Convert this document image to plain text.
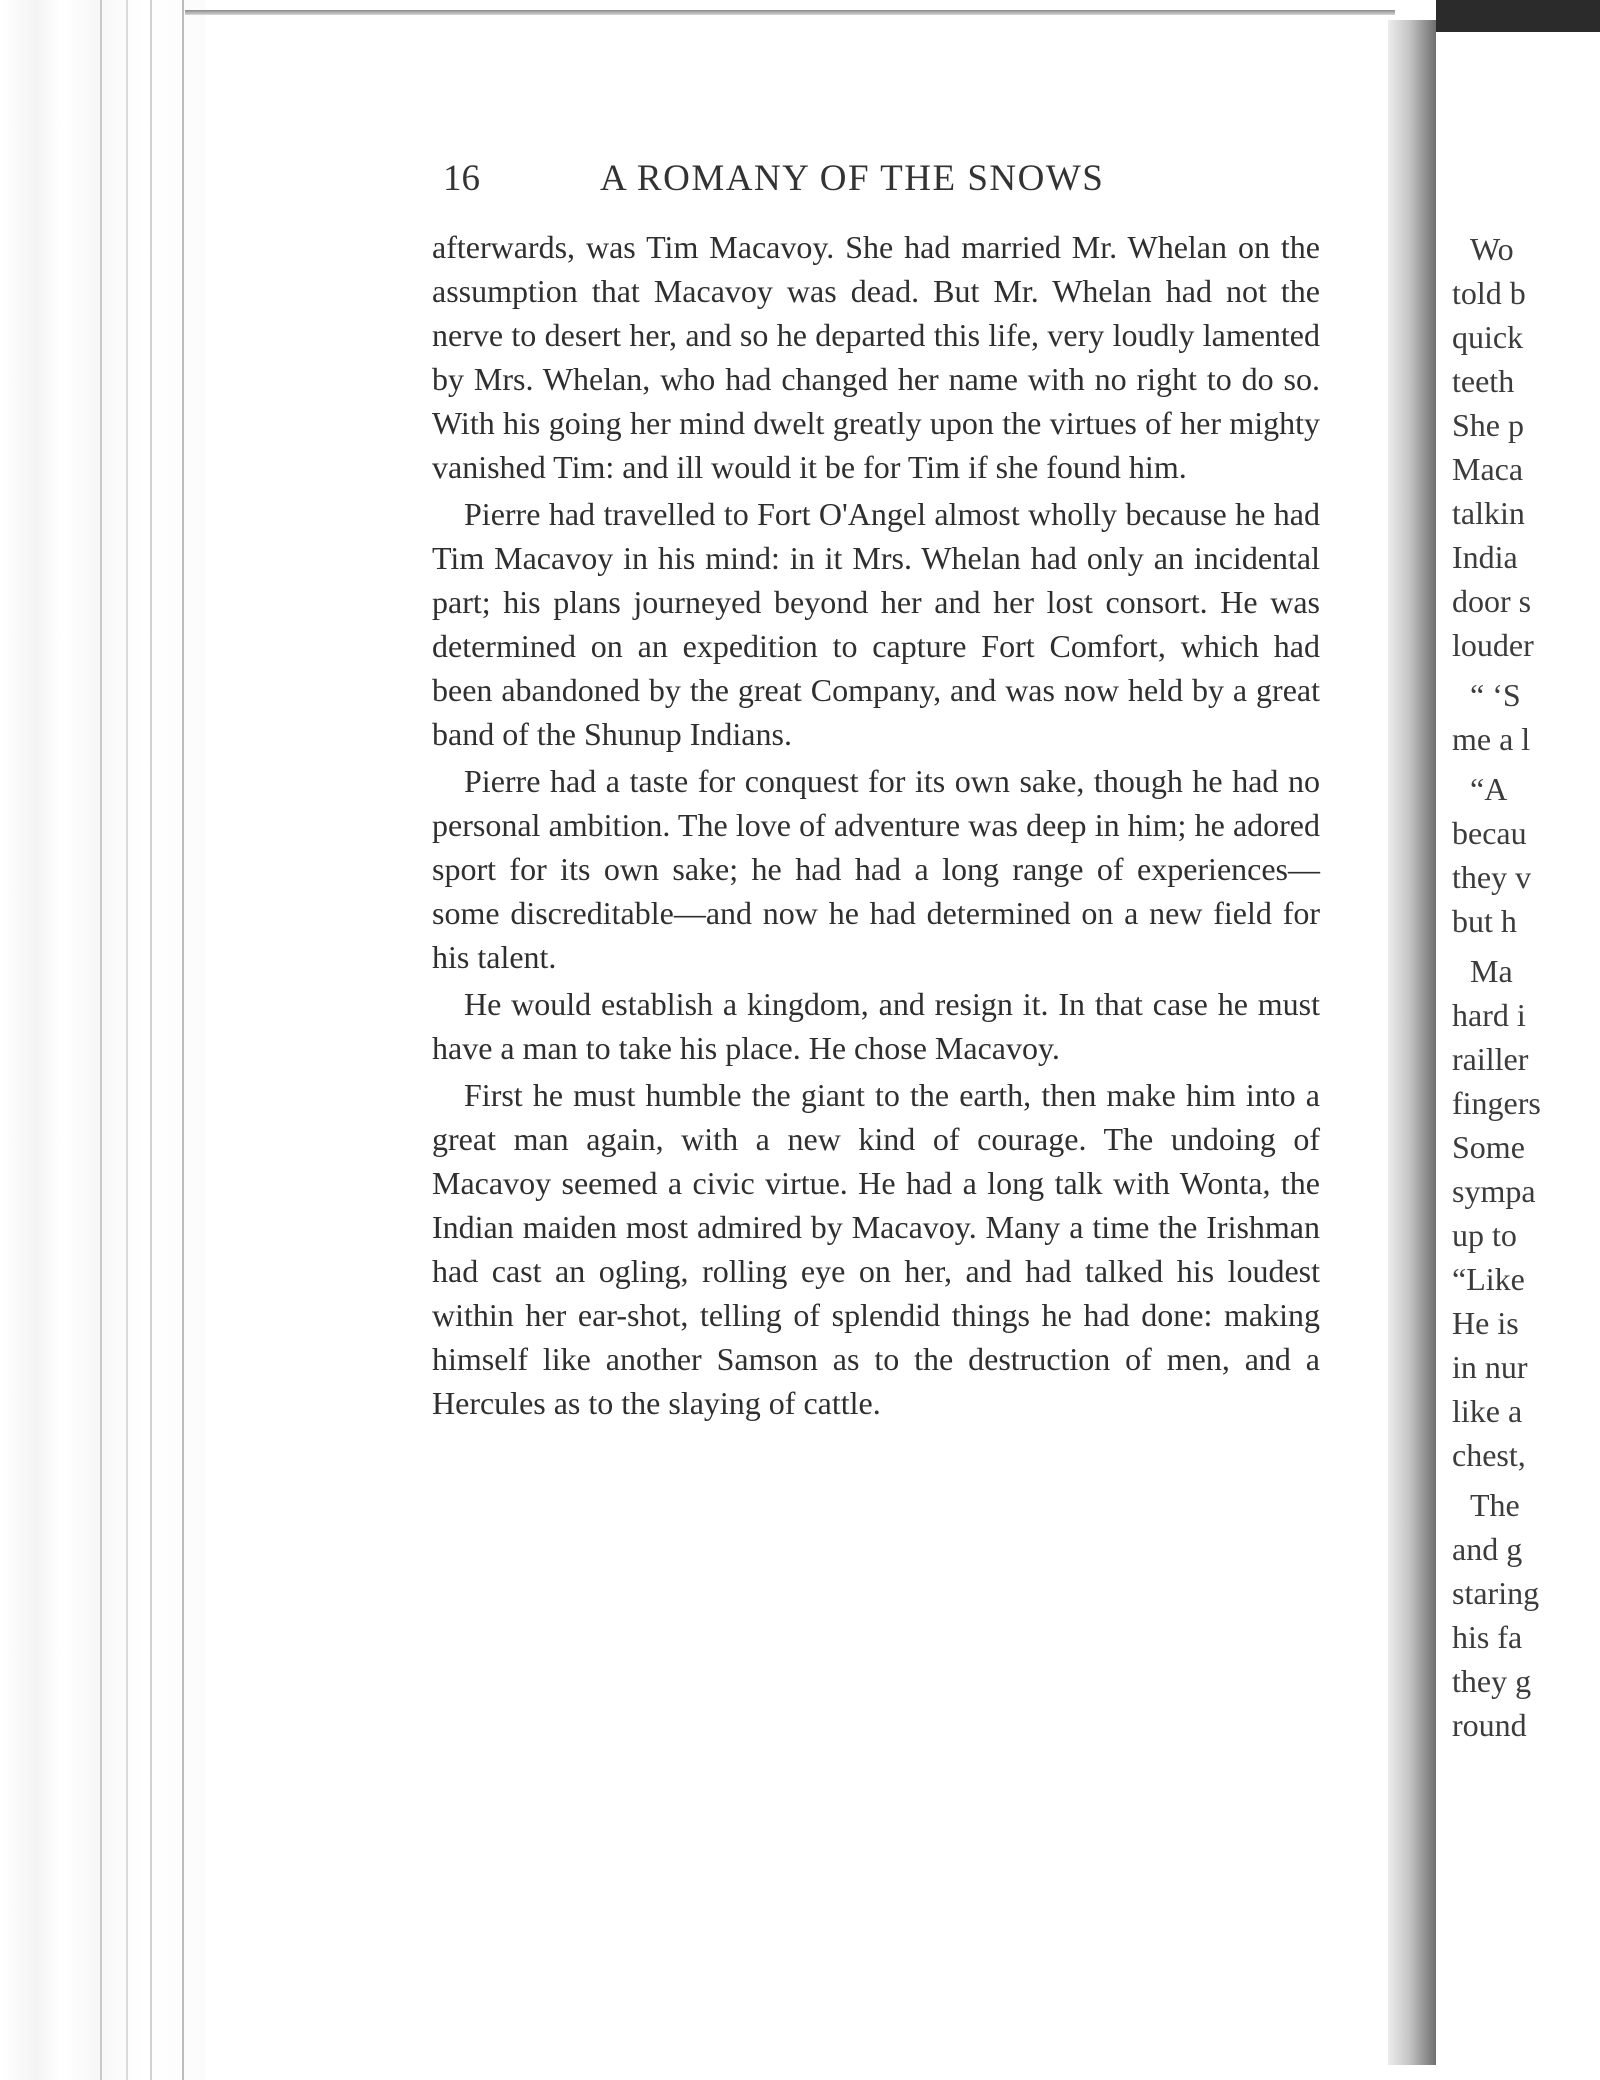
16	A ROMANY OF THE SNOWS

afterwards, was Tim Macavoy. She had married Mr. Whelan on the assumption that Macavoy was dead. But Mr. Whelan had not the nerve to desert her, and so he departed this life, very loudly lamented by Mrs. Whelan, who had changed her name with no right to do so. With his going her mind dwelt greatly upon the virtues of her mighty vanished Tim: and ill would it be for Tim if she found him.

Pierre had travelled to Fort O'Angel almost wholly because he had Tim Macavoy in his mind: in it Mrs. Whelan had only an incidental part; his plans journeyed beyond her and her lost consort. He was determined on an expedition to capture Fort Comfort, which had been abandoned by the great Company, and was now held by a great band of the Shunup Indians.

Pierre had a taste for conquest for its own sake, though he had no personal ambition. The love of adventure was deep in him; he adored sport for its own sake; he had had a long range of experiences—some discreditable—and now he had determined on a new field for his talent.

He would establish a kingdom, and resign it. In that case he must have a man to take his place. He chose Macavoy.

First he must humble the giant to the earth, then make him into a great man again, with a new kind of courage. The undoing of Macavoy seemed a civic virtue. He had a long talk with Wonta, the Indian maiden most admired by Macavoy. Many a time the Irishman had cast an ogling, rolling eye on her, and had talked his loudest within her ear-shot, telling of splendid things he had done: making himself like another Samson as to the destruction of men, and a Hercules as to the slaying of cattle.

Wo
told b
quick
teeth
She p
Maca
talkin
India
door s
louder
“ ‘S
me a l
“A
becau
they v
but h
Ma
hard i
railler
fingers
Some
sympa
up to
“Like
He is
in nur
like a
chest,
The
and g
staring
his fa
they g
round
